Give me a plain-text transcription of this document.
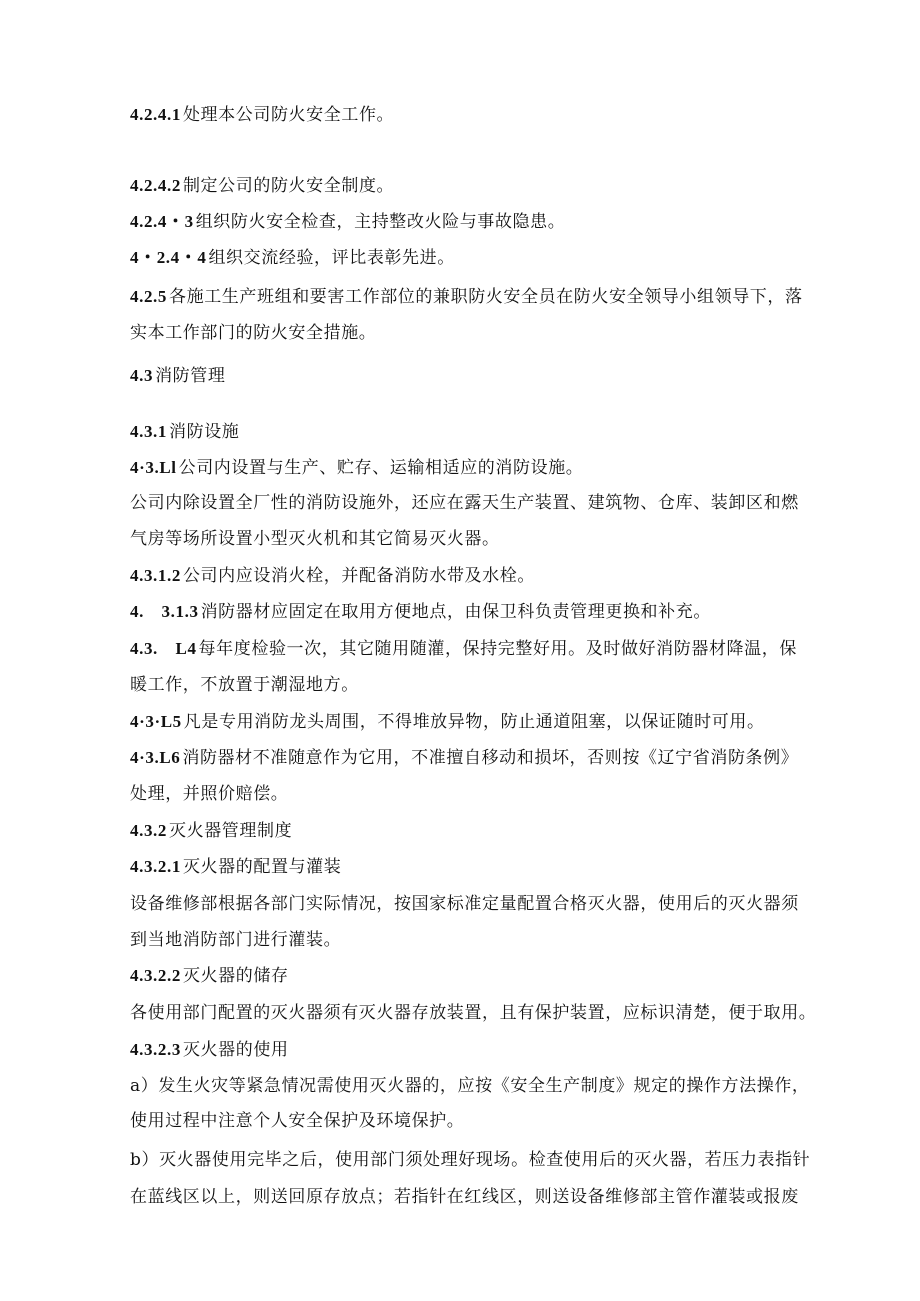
4.2.4.1 处理本公司防火安全工作。
4.2.4.2 制定公司的防火安全制度。
4.2.4・3 组织防火安全检查，主持整改火险与事故隐患。
4・2.4・4 组织交流经验，评比表彰先进。
4.2.5 各施工生产班组和要害工作部位的兼职防火安全员在防火安全领导小组领导下，落
实本工作部门的防火安全措施。
4.3 消防管理
4.3.1 消防设施
4·3.Ll 公司内设置与生产、贮存、运输相适应的消防设施。
公司内除设置全厂性的消防设施外，还应在露天生产装置、建筑物、仓库、装卸区和燃
气房等场所设置小型灭火机和其它简易灭火器。
4.3.1.2 公司内应设消火栓，并配备消防水带及水栓。
4.　3.1.3 消防器材应固定在取用方便地点，由保卫科负责管理更换和补充。
4.3.　L4 每年度检验一次，其它随用随灌，保持完整好用。及时做好消防器材降温，保
暖工作，不放置于潮湿地方。
4·3·L5 凡是专用消防龙头周围，不得堆放异物，防止通道阻塞，以保证随时可用。
4·3.L6 消防器材不准随意作为它用，不准擅自移动和损坏，否则按《辽宁省消防条例》
处理，并照价赔偿。
4.3.2 灭火器管理制度
4.3.2.1 灭火器的配置与灌装
设备维修部根据各部门实际情况，按国家标准定量配置合格灭火器，使用后的灭火器须
到当地消防部门进行灌装。
4.3.2.2 灭火器的储存
各使用部门配置的灭火器须有灭火器存放装置，且有保护装置，应标识清楚，便于取用。
4.3.2.3 灭火器的使用
a）发生火灾等紧急情况需使用灭火器的，应按《安全生产制度》规定的操作方法操作，
使用过程中注意个人安全保护及环境保护。
b）灭火器使用完毕之后，使用部门须处理好现场。检查使用后的灭火器，若压力表指针
在蓝线区以上，则送回原存放点；若指针在红线区，则送设备维修部主管作灌装或报废
